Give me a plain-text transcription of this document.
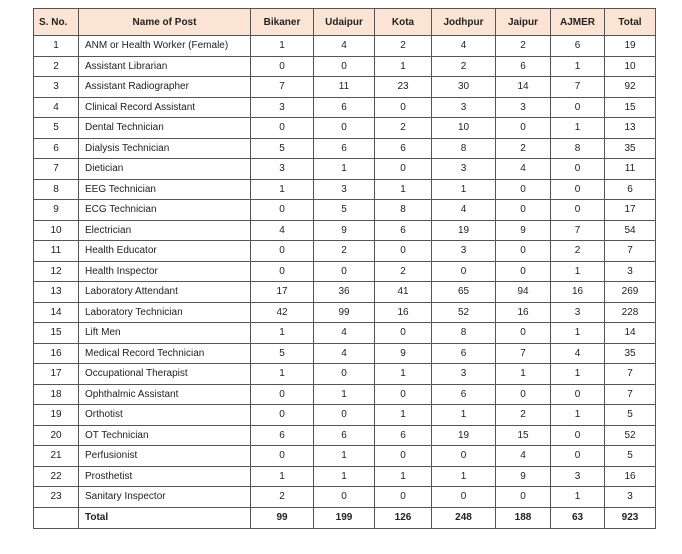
S. No.	Name of Post	Bikaner	Udaipur	Kota	Jodhpur	Jaipur	AJMER	Total
1	ANM or Health Worker (Female)	1	4	2	4	2	6	19
2	Assistant Librarian	0	0	1	2	6	1	10
3	Assistant Radiographer	7	11	23	30	14	7	92
4	Clinical Record Assistant	3	6	0	3	3	0	15
5	Dental Technician	0	0	2	10	0	1	13
6	Dialysis Technician	5	6	6	8	2	8	35
7	Dietician	3	1	0	3	4	0	11
8	EEG Technician	1	3	1	1	0	0	6
9	ECG Technician	0	5	8	4	0	0	17
10	Electrician	4	9	6	19	9	7	54
11	Health Educator	0	2	0	3	0	2	7
12	Health Inspector	0	0	2	0	0	1	3
13	Laboratory Attendant	17	36	41	65	94	16	269
14	Laboratory Technician	42	99	16	52	16	3	228
15	Lift Men	1	4	0	8	0	1	14
16	Medical Record Technician	5	4	9	6	7	4	35
17	Occupational Therapist	1	0	1	3	1	1	7
18	Ophthalmic Assistant	0	1	0	6	0	0	7
19	Orthotist	0	0	1	1	2	1	5
20	OT Technician	6	6	6	19	15	0	52
21	Perfusionist	0	1	0	0	4	0	5
22	Prosthetist	1	1	1	1	9	3	16
23	Sanitary Inspector	2	0	0	0	0	1	3
	Total	99	199	126	248	188	63	923
